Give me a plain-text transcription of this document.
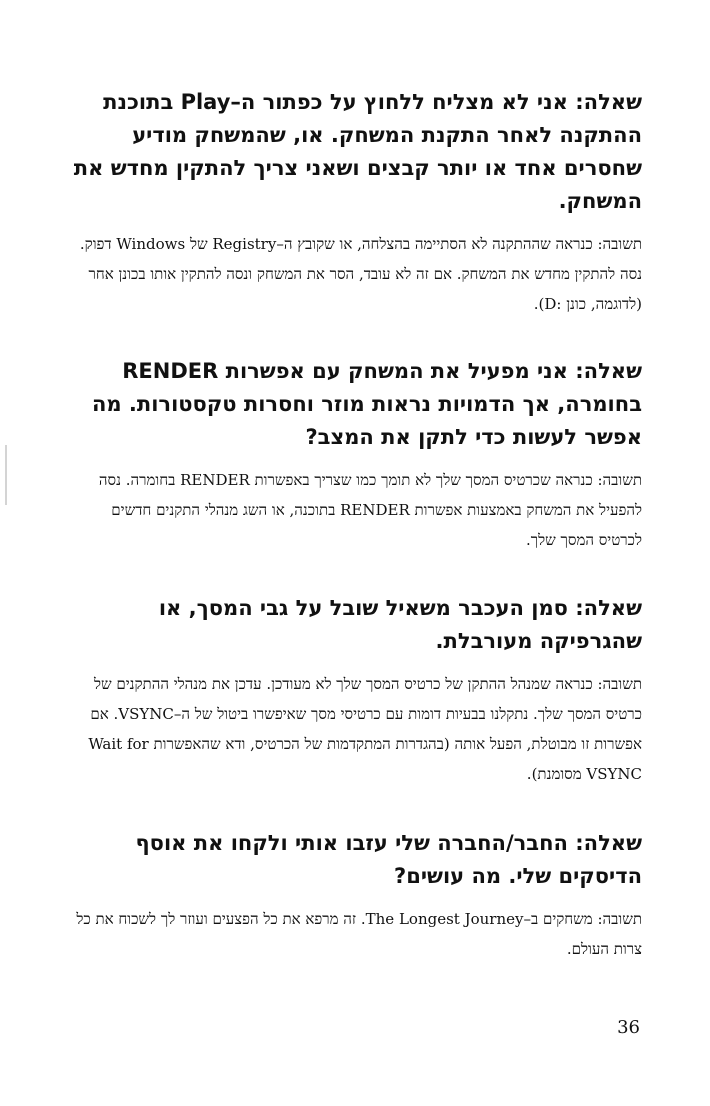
שאלה: אני לא מצליח ללחוץ על כפתור ה–Play בתוכנת ההתקנה לאחר התקנת המשחק. או, שהמשחק מודיע שחסרים אחד או יותר קבצים ושאני צריך להתקין מחדש את המשחק.

תשובה: כנראה שההתקנה לא הסתיימה בהצלחה, או שקובץ ה–Registry של Windows דפוק. נסה להתקין מחדש את המשחק. אם זה לא עובד, הסר את המשחק ונסה להתקין אותו בכונן אחר (לדוגמה, כונן :D).

שאלה: אני מפעיל את המשחק עם אפשרות RENDER בחומרה, אך הדמויות נראות מוזר וחסרות טקסטורות. מה אפשר לעשות כדי לתקן את המצב?

תשובה: כנראה שכרטיס המסך שלך לא תומך כמו שצריך באפשרות RENDER בחומרה. נסה להפעיל את המשחק באמצעות אפשרות RENDER בתוכנה, או השג מנהלי התקנים חדשים לכרטיס המסך שלך.

שאלה: סמן העכבר משאיל שובל על גבי המסך, או שהגרפיקה מעורבלת.

תשובה: כנראה שמנהל ההתקן של כרטיס המסך שלך לא מעודכן. עדכן את מנהלי ההתקנים של כרטיס המסך שלך. נתקלנו בבעיות דומות עם כרטיסי מסך שאיפשרו ביטול של ה–VSYNC. אם אפשרות זו מבוטלת, הפעל אותה (בהגדרות המתקדמות של הכרטיס, ודא שהאפשרות Wait for VSYNC מסומנת).

שאלה: החבר/החברה שלי עזבו אותי ולקחו את אוסף הדיסקים שלי. מה עושים?

תשובה: משחקים ב–The Longest Journey. זה מרפא את כל הפצעים ועוזר לך לשכוח את כל צרות העולם.

36
